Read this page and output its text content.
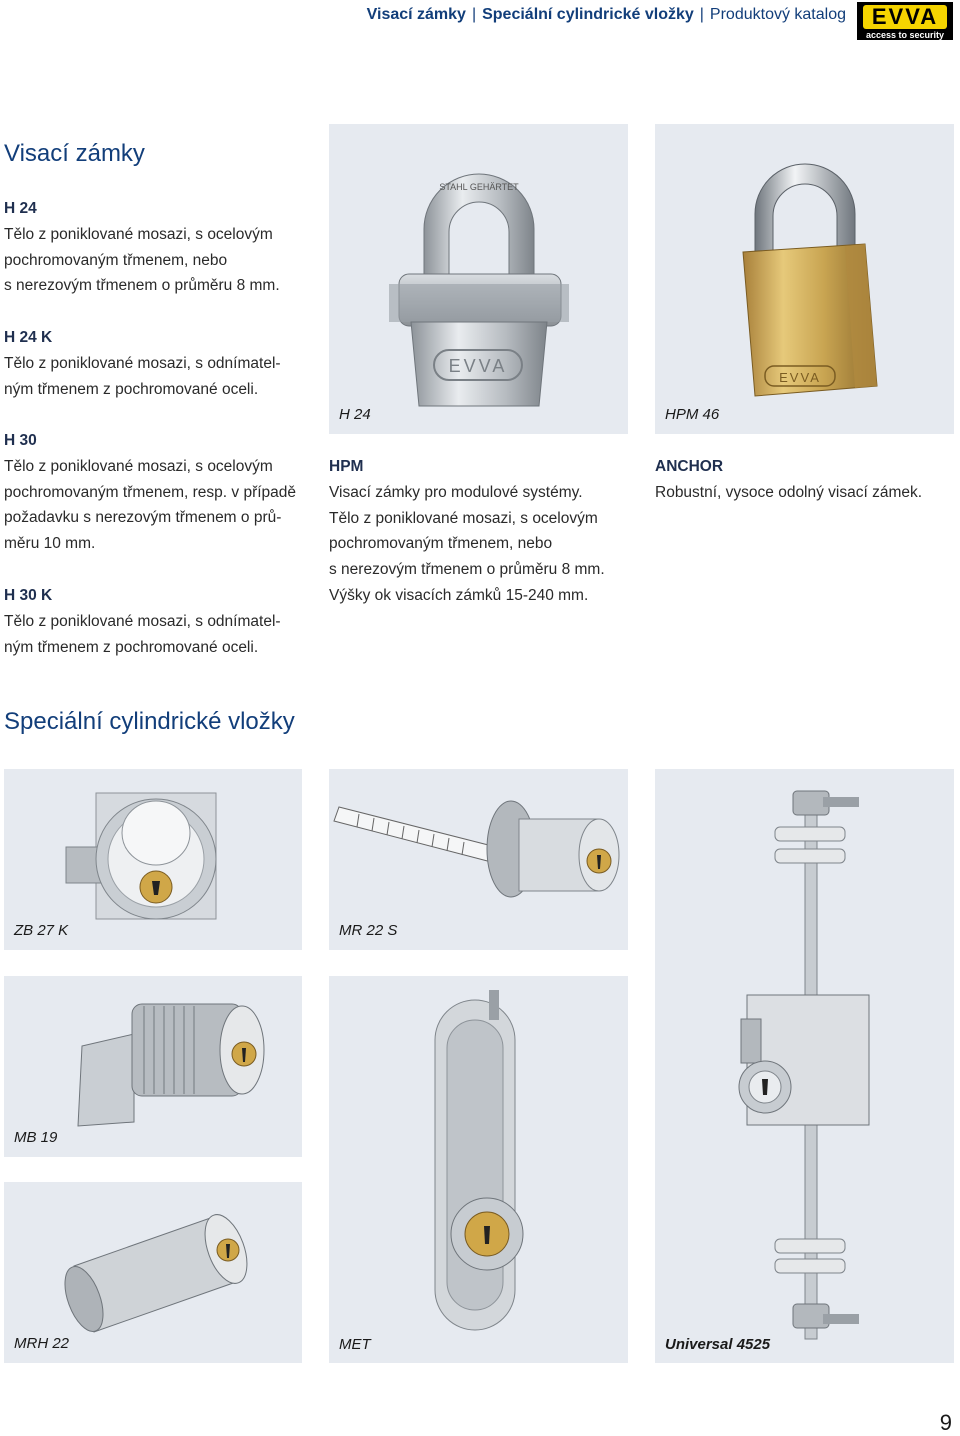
Visací zámky | Speciální cylindrické vložky | Produktový katalog	EVVA
access to security
Visací zámky
H 24
Tělo z poniklované mosazi, s ocelovým
pochromovaným třmenem, nebo
s nerezovým třmenem o průměru 8 mm.
H 24 K
Tělo z poniklované mosazi, s odnímatel-
ným třmenem z pochromované oceli.
H 30
Tělo z poniklované mosazi, s ocelovým
pochromovaným třmenem, resp. v případě
požadavku s nerezovým třmenem o prů-
měru 10 mm.
H 30 K
Tělo z poniklované mosazi, s odnímatel-
ným třmenem z pochromované oceli.
STAHL GEHÄRTET
EVVA
H 24
EVVA
HPM 46
HPM
Visací zámky pro modulové systémy.
Tělo z poniklované mosazi, s ocelovým
pochromovaným třmenem, nebo
s nerezovým třmenem o průměru 8 mm.
Výšky ok visacích zámků 15-240 mm.
ANCHOR
Robustní, vysoce odolný visací zámek.
Speciální cylindrické vložky
ZB 27 K	MR 22 S
Universal 4525
MB 19
MET
MRH 22
9
